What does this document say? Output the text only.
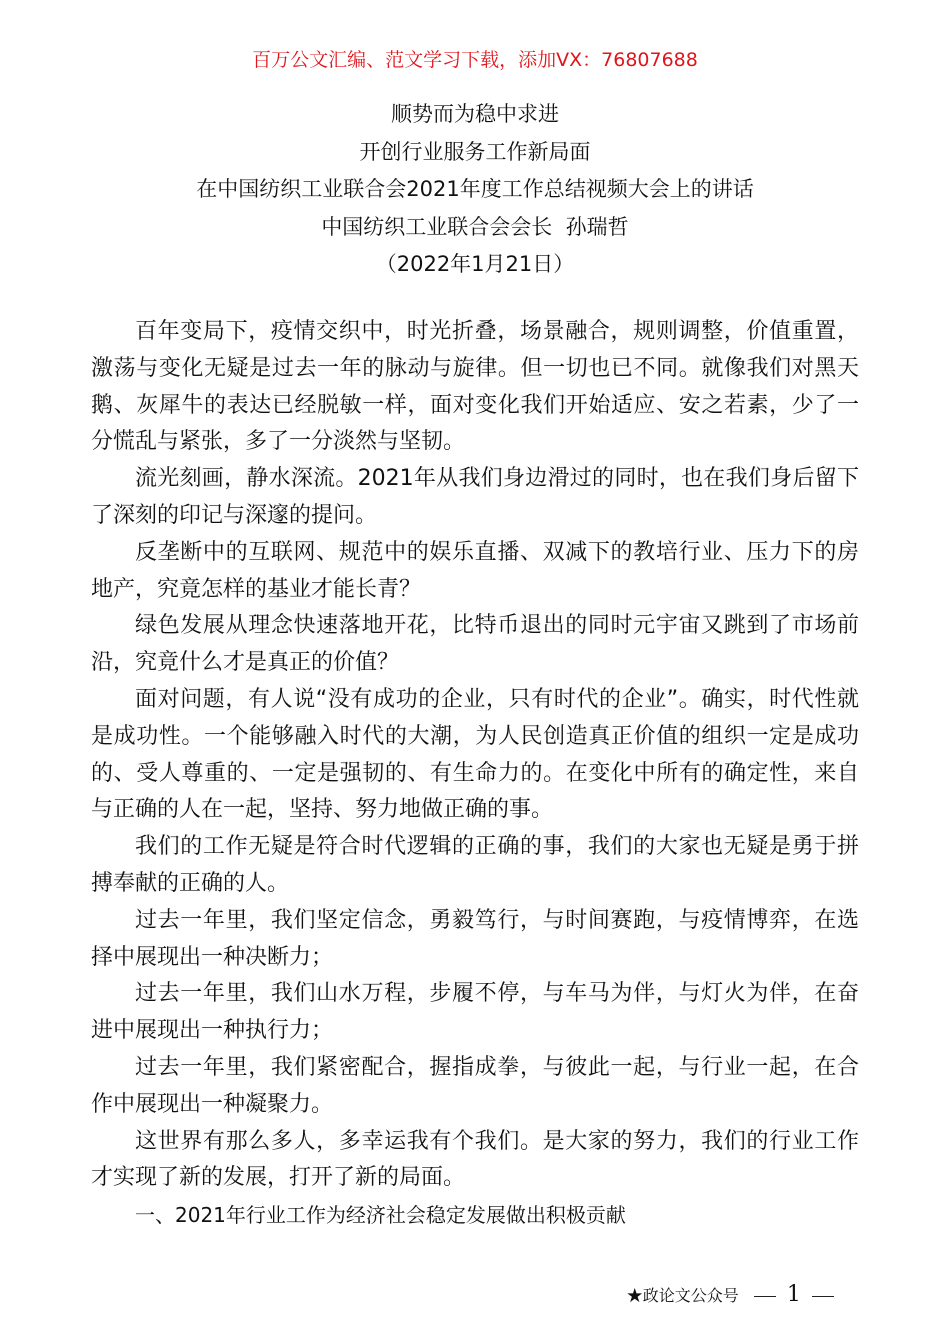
百万公文汇编、范文学习下载，添加VX：76807688
顺势而为稳中求进
开创行业服务工作新局面
在中国纺织工业联合会2021年度工作总结视频大会上的讲话
中国纺织工业联合会会长  孙瑞哲
（2022年1月21日）

百年变局下，疫情交织中，时光折叠，场景融合，规则调整，价值重置，激荡与变化无疑是过去一年的脉动与旋律。但一切也已不同。就像我们对黑天鹅、灰犀牛的表达已经脱敏一样，面对变化我们开始适应、安之若素，少了一分慌乱与紧张，多了一分淡然与坚韧。

流光刻画，静水深流。2021年从我们身边滑过的同时，也在我们身后留下了深刻的印记与深邃的提问。

反垄断中的互联网、规范中的娱乐直播、双减下的教培行业、压力下的房地产，究竟怎样的基业才能长青？

绿色发展从理念快速落地开花，比特币退出的同时元宇宙又跳到了市场前沿，究竟什么才是真正的价值？

面对问题，有人说“没有成功的企业，只有时代的企业”。确实，时代性就是成功性。一个能够融入时代的大潮，为人民创造真正价值的组织一定是成功的、受人尊重的、一定是强韧的、有生命力的。在变化中所有的确定性，来自与正确的人在一起，坚持、努力地做正确的事。

我们的工作无疑是符合时代逻辑的正确的事，我们的大家也无疑是勇于拼搏奉献的正确的人。

过去一年里，我们坚定信念，勇毅笃行，与时间赛跑，与疫情博弈，在选择中展现出一种决断力；

过去一年里，我们山水万程，步履不停，与车马为伴，与灯火为伴，在奋进中展现出一种执行力；

过去一年里，我们紧密配合，握指成拳，与彼此一起，与行业一起，在合作中展现出一种凝聚力。

这世界有那么多人，多幸运我有个我们。是大家的努力，我们的行业工作才实现了新的发展，打开了新的局面。

一、2021年行业工作为经济社会稳定发展做出积极贡献

★政论文公众号 1
